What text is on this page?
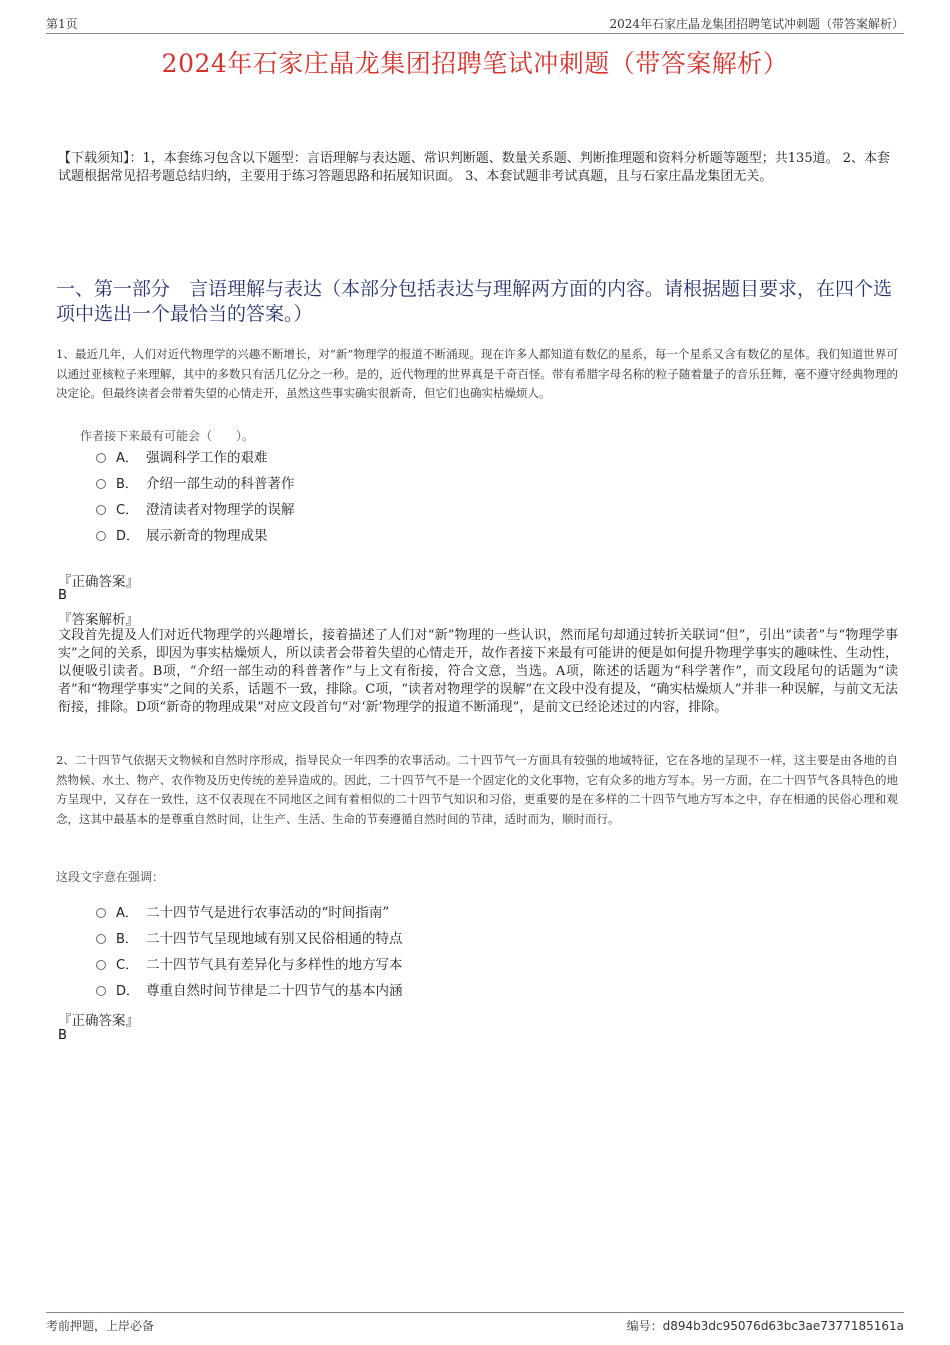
第1页	2024年石家庄晶龙集团招聘笔试冲刺题（带答案解析）
2024年石家庄晶龙集团招聘笔试冲刺题（带答案解析）
【下载须知】：1，本套练习包含以下题型：言语理解与表达题、常识判断题、数量关系题、判断推理题和资料分析题等题型；共135道。 2、本套试题根据常见招考题总结归纳，主要用于练习答题思路和拓展知识面。 3、本套试题非考试真题，且与石家庄晶龙集团无关。
一、第一部分　言语理解与表达（本部分包括表达与理解两方面的内容。请根据题目要求，在四个选项中选出一个最恰当的答案。）
1、最近几年，人们对近代物理学的兴趣不断增长，对“新”物理学的报道不断涌现。现在许多人都知道有数亿的星系，每一个星系又含有数亿的星体。我们知道世界可以通过亚核粒子来理解，其中的多数只有活几亿分之一秒。是的，近代物理的世界真是千奇百怪。带有希腊字母名称的粒子随着量子的音乐狂舞，毫不遵守经典物理的决定论。但最终读者会带着失望的心情走开，虽然这些事实确实很新奇，但它们也确实枯燥烦人。
作者接下来最有可能会（　　）。
A． 强调科学工作的艰难
B． 介绍一部生动的科普著作
C． 澄清读者对物理学的误解
D． 展示新奇的物理成果
『正确答案』
B
『答案解析』
文段首先提及人们对近代物理学的兴趣增长，接着描述了人们对“新”物理的一些认识，然而尾句却通过转折关联词“但”，引出“读者”与“物理学事实”之间的关系，即因为事实枯燥烦人，所以读者会带着失望的心情走开，故作者接下来最有可能讲的便是如何提升物理学事实的趣味性、生动性，以便吸引读者。B项，“介绍一部生动的科普著作”与上文有衔接，符合文意，当选。A项，陈述的话题为“科学著作”，而文段尾句的话题为“读者”和“物理学事实”之间的关系，话题不一致，排除。C项，“读者对物理学的误解”在文段中没有提及，“确实枯燥烦人”并非一种误解，与前文无法衔接，排除。D项“新奇的物理成果”对应文段首句“对‘新’物理学的报道不断涌现”，是前文已经论述过的内容，排除。
2、二十四节气依据天文物候和自然时序形成，指导民众一年四季的农事活动。二十四节气一方面具有较强的地域特征，它在各地的呈现不一样，这主要是由各地的自然物候、水土、物产、农作物及历史传统的差异造成的。因此，二十四节气不是一个固定化的文化事物，它有众多的地方写本。另一方面，在二十四节气各具特色的地方呈现中，又存在一致性，这不仅表现在不同地区之间有着相似的二十四节气知识和习俗，更重要的是在多样的二十四节气地方写本之中，存在相通的民俗心理和观念，这其中最基本的是尊重自然时间，让生产、生活、生命的节奏遵循自然时间的节律，适时而为，顺时而行。
这段文字意在强调：
A． 二十四节气是进行农事活动的“时间指南”
B． 二十四节气呈现地域有别又民俗相通的特点
C． 二十四节气具有差异化与多样性的地方写本
D． 尊重自然时间节律是二十四节气的基本内涵
『正确答案』
B
考前押题，上岸必备	编号：d894b3dc95076d63bc3ae7377185161a
